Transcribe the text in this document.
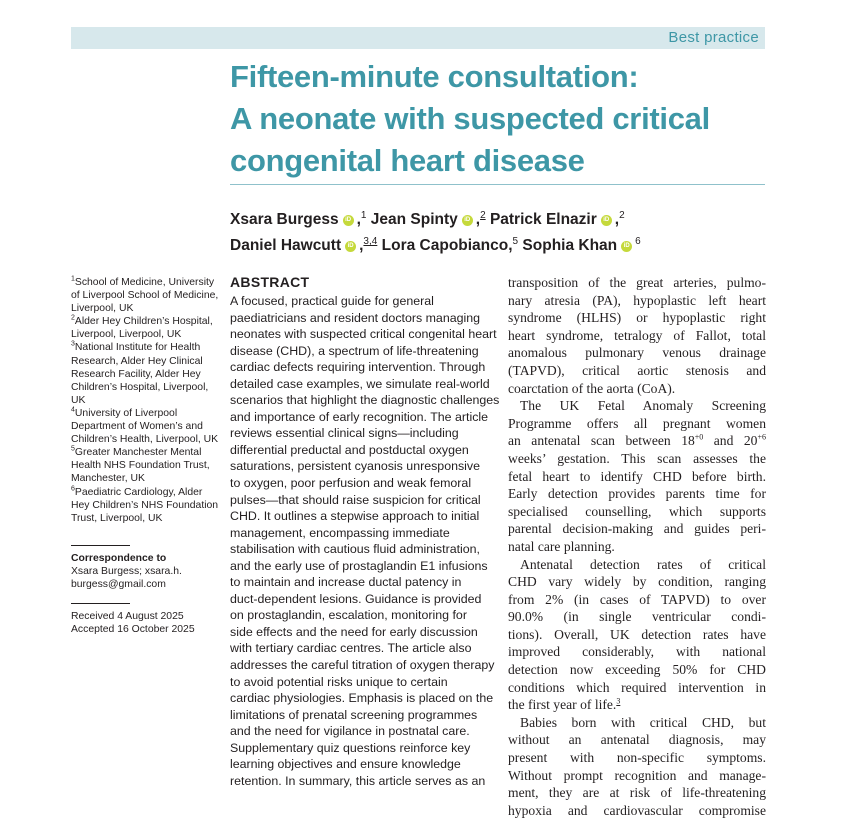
Best practice
Fifteen-minute consultation:
A neonate with suspected critical
congenital heart disease
Xsara Burgess iD ,$^1$ Jean Spinty iD ,$^2$ Patrick Elnazir iD ,$^2$
Daniel Hawcutt iD ,$^{3,4}$ Lora Capobianco,$^5$ Sophia Khan iD $^6$
$^1$School of Medicine, University
of Liverpool School of Medicine,
Liverpool, UK
$^2$Alder Hey Children’s Hospital,
Liverpool, Liverpool, UK
$^3$National Institute for Health
Research, Alder Hey Clinical
Research Facility, Alder Hey
Children’s Hospital, Liverpool,
UK
$^4$University of Liverpool
Department of Women’s and
Children’s Health, Liverpool, UK
$^5$Greater Manchester Mental
Health NHS Foundation Trust,
Manchester, UK
$^6$Paediatric Cardiology, Alder
Hey Children’s NHS Foundation
Trust, Liverpool, UK
Correspondence to
Xsara Burgess; xsara.h.
burgess@gmail.com
Received 4 August 2025
Accepted 16 October 2025
ABSTRACT
A focused, practical guide for general
paediatricians and resident doctors managing
neonates with suspected critical congenital heart
disease (CHD), a spectrum of life-threatening
cardiac defects requiring intervention. Through
detailed case examples, we simulate real-world
scenarios that highlight the diagnostic challenges
and importance of early recognition. The article
reviews essential clinical signs—including
differential preductal and postductal oxygen
saturations, persistent cyanosis unresponsive
to oxygen, poor perfusion and weak femoral
pulses—that should raise suspicion for critical
CHD. It outlines a stepwise approach to initial
management, encompassing immediate
stabilisation with cautious fluid administration,
and the early use of prostaglandin E1 infusions
to maintain and increase ductal patency in
duct-dependent lesions. Guidance is provided
on prostaglandin, escalation, monitoring for
side effects and the need for early discussion
with tertiary cardiac centres. The article also
addresses the careful titration of oxygen therapy
to avoid potential risks unique to certain
cardiac physiologies. Emphasis is placed on the
limitations of prenatal screening programmes
and the need for vigilance in postnatal care.
Supplementary quiz questions reinforce key
learning objectives and ensure knowledge
retention. In summary, this article serves as an
transposition of the great arteries, pulmo-
nary atresia (PA), hypoplastic left heart
syndrome (HLHS) or hypoplastic right
heart syndrome, tetralogy of Fallot, total
anomalous pulmonary venous drainage
(TAPVD), critical aortic stenosis and
coarctation of the aorta (CoA).
The UK Fetal Anomaly Screening
Programme offers all pregnant women
an antenatal scan between $18^{+0}$ and $20^{+6}$
weeks’ gestation. This scan assesses the
fetal heart to identify CHD before birth.
Early detection provides parents time for
specialised counselling, which supports
parental decision-making and guides peri-
natal care planning.
Antenatal detection rates of critical
CHD vary widely by condition, ranging
from 2% (in cases of TAPVD) to over
90.0% (in single ventricular condi-
tions). Overall, UK detection rates have
improved considerably, with national
detection now exceeding 50% for CHD
conditions which required intervention in
the first year of life.$^3$
Babies born with critical CHD, but
without an antenatal diagnosis, may
present with non-specific symptoms.
Without prompt recognition and manage-
ment, they are at risk of life-threatening
hypoxia and cardiovascular compromise
